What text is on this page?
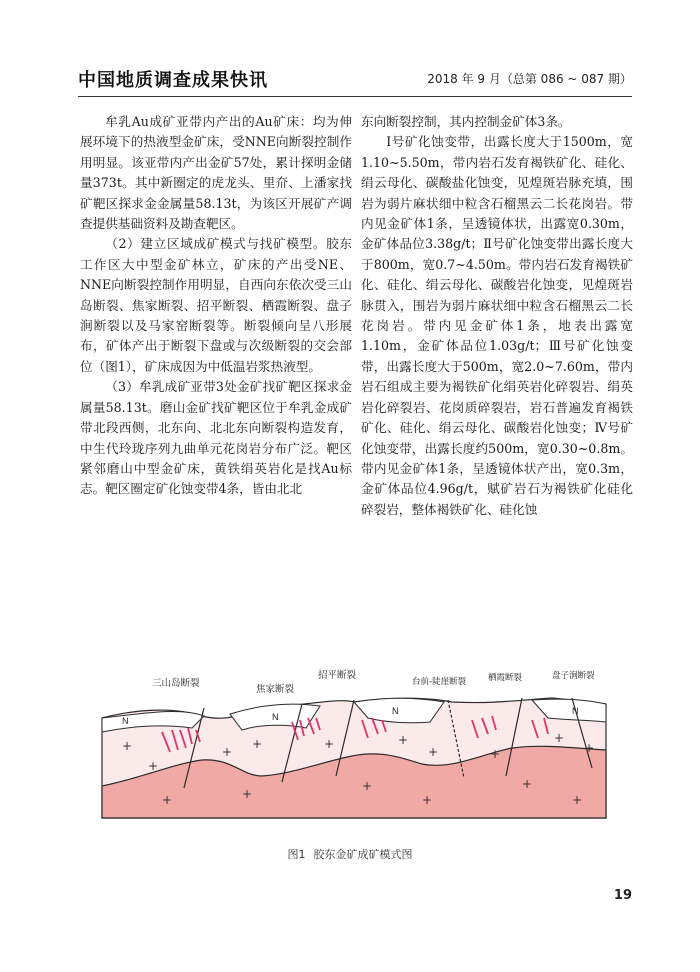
中国地质调查成果快讯	2018 年 9 月（总第 086 ~ 087 期）

牟乳Au成矿亚带内产出的Au矿床：均为伸展环境下的热液型金矿床，受NNE向断裂控制作用明显。该亚带内产出金矿57处，累计探明金储量373t。其中新圈定的虎龙头、里夼、上潘家找矿靶区探求金金属量58.13t，为该区开展矿产调查提供基础资料及勘查靶区。

（2）建立区域成矿模式与找矿模型。胶东工作区大中型金矿林立，矿床的产出受NE、NNE向断裂控制作用明显，自西向东依次受三山岛断裂、焦家断裂、招平断裂、栖霞断裂、盘子涧断裂以及马家窑断裂等。断裂倾向呈八形展布，矿体产出于断裂下盘或与次级断裂的交会部位（图1），矿床成因为中低温岩浆热液型。

（3）牟乳成矿亚带3处金矿找矿靶区探求金属量58.13t。磨山金矿找矿靶区位于牟乳金成矿带北段西侧，北东向、北北东向断裂构造发育，中生代玲珑序列九曲单元花岗岩分布广泛。靶区紧邻磨山中型金矿床，黄铁绢英岩化是找Au标志。靶区圈定矿化蚀变带4条，皆由北北

东向断裂控制，其内控制金矿体3条。

Ⅰ号矿化蚀变带，出露长度大于1500m，宽1.10~5.50m，带内岩石发育褐铁矿化、硅化、绢云母化、碳酸盐化蚀变，见煌斑岩脉充填，围岩为弱片麻状细中粒含石榴黑云二长花岗岩。带内见金矿体1条，呈透镜体状，出露宽0.30m，金矿体品位3.38g/t；Ⅱ号矿化蚀变带出露长度大于800m，宽0.7~4.50m。带内岩石发育褐铁矿化、硅化、绢云母化、碳酸岩化蚀变，见煌斑岩脉贯入，围岩为弱片麻状细中粒含石榴黑云二长花岗岩。带内见金矿体1条，地表出露宽1.10m，金矿体品位1.03g/t；Ⅲ号矿化蚀变带，出露长度大于500m，宽2.0~7.60m，带内岩石组成主要为褐铁矿化绢英岩化碎裂岩、绢英岩化碎裂岩、花岗质碎裂岩，岩石普遍发育褐铁矿化、硅化、绢云母化、碳酸岩化蚀变；Ⅳ号矿化蚀变带，出露长度约500m，宽0.30~0.8m。带内见金矿体1条，呈透镜体状产出，宽0.3m，金矿体品位4.96g/t，赋矿岩石为褐铁矿化硅化碎裂岩，整体褐铁矿化、硅化蚀

N	N
N	N
+
+
+
+	+	+
+	+
+
+
+	+
+
+
+
+
三山岛断裂
焦家断裂
招平断裂
台前-陡崖断裂	栖霞断裂	盘子涧断裂
图1 胶东金矿成矿模式图
19
